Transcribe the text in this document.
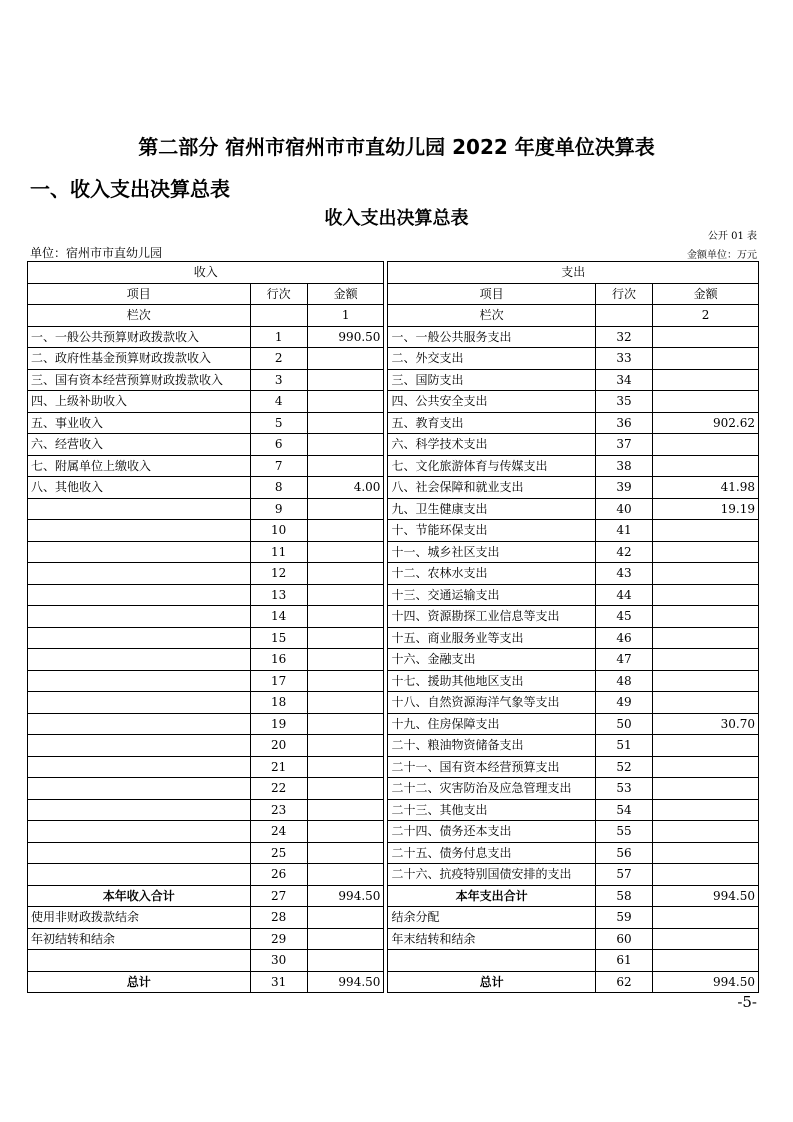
第二部分 宿州市宿州市市直幼儿园 2022 年度单位决算表
一、收入支出决算总表
收入支出决算总表
公开 01 表
单位：宿州市市直幼儿园	金额单位：万元
收入				支出		
项目	行次	金额		项目	行次	金额
栏次		1		栏次		2
一、一般公共预算财政拨款收入	1	990.50		一、一般公共服务支出	32	
二、政府性基金预算财政拨款收入	2			二、外交支出	33	
三、国有资本经营预算财政拨款收入	3			三、国防支出	34	
四、上级补助收入	4			四、公共安全支出	35	
五、事业收入	5			五、教育支出	36	902.62
六、经营收入	6			六、科学技术支出	37	
七、附属单位上缴收入	7			七、文化旅游体育与传媒支出	38	
八、其他收入	8	4.00		八、社会保障和就业支出	39	41.98
	9			九、卫生健康支出	40	19.19
	10			十、节能环保支出	41	
	11			十一、城乡社区支出	42	
	12			十二、农林水支出	43	
	13			十三、交通运输支出	44	
	14			十四、资源勘探工业信息等支出	45	
	15			十五、商业服务业等支出	46	
	16			十六、金融支出	47	
	17			十七、援助其他地区支出	48	
	18			十八、自然资源海洋气象等支出	49	
	19			十九、住房保障支出	50	30.70
	20			二十、粮油物资储备支出	51	
	21			二十一、国有资本经营预算支出	52	
	22			二十二、灾害防治及应急管理支出	53	
	23			二十三、其他支出	54	
	24			二十四、债务还本支出	55	
	25			二十五、债务付息支出	56	
	26			二十六、抗疫特别国债安排的支出	57	
本年收入合计	27	994.50		本年支出合计	58	994.50
使用非财政拨款结余	28			结余分配	59	
年初结转和结余	29			年末结转和结余	60	
	30				61	
总计	31	994.50		总计	62	994.50
-5-
